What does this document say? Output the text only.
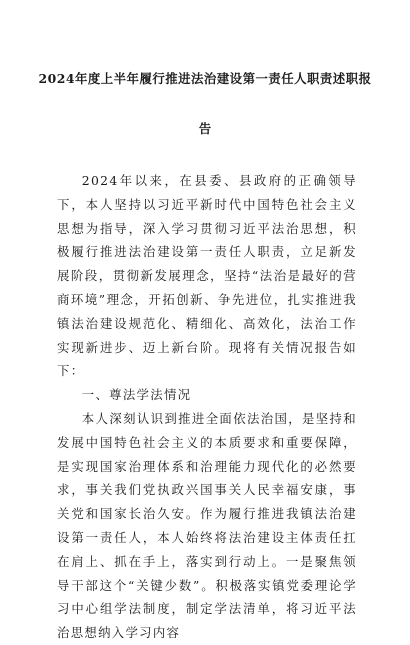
2024年度上半年履行推进法治建设第一责任人职责述职报
告

2024年以来，在县委、县政府的正确领导下，本人坚持以习近平新时代中国特色社会主义思想为指导，深入学习贯彻习近平法治思想，积极履行推进法治建设第一责任人职责，立足新发展阶段，贯彻新发展理念，坚持“法治是最好的营商环境”理念，开拓创新、争先进位，扎实推进我镇法治建设规范化、精细化、高效化，法治工作实现新进步、迈上新台阶。现将有关情况报告如下：

一、尊法学法情况

本人深刻认识到推进全面依法治国，是坚持和发展中国特色社会主义的本质要求和重要保障，是实现国家治理体系和治理能力现代化的必然要求，事关我们党执政兴国事关人民幸福安康，事关党和国家长治久安。作为履行推进我镇法治建设第一责任人，本人始终将法治建设主体责任扛在肩上、抓在手上，落实到行动上。一是聚焦领导干部这个“关键少数”。积极落实镇党委理论学习中心组学法制度，制定学法清单，将习近平法治思想纳入学习内容
